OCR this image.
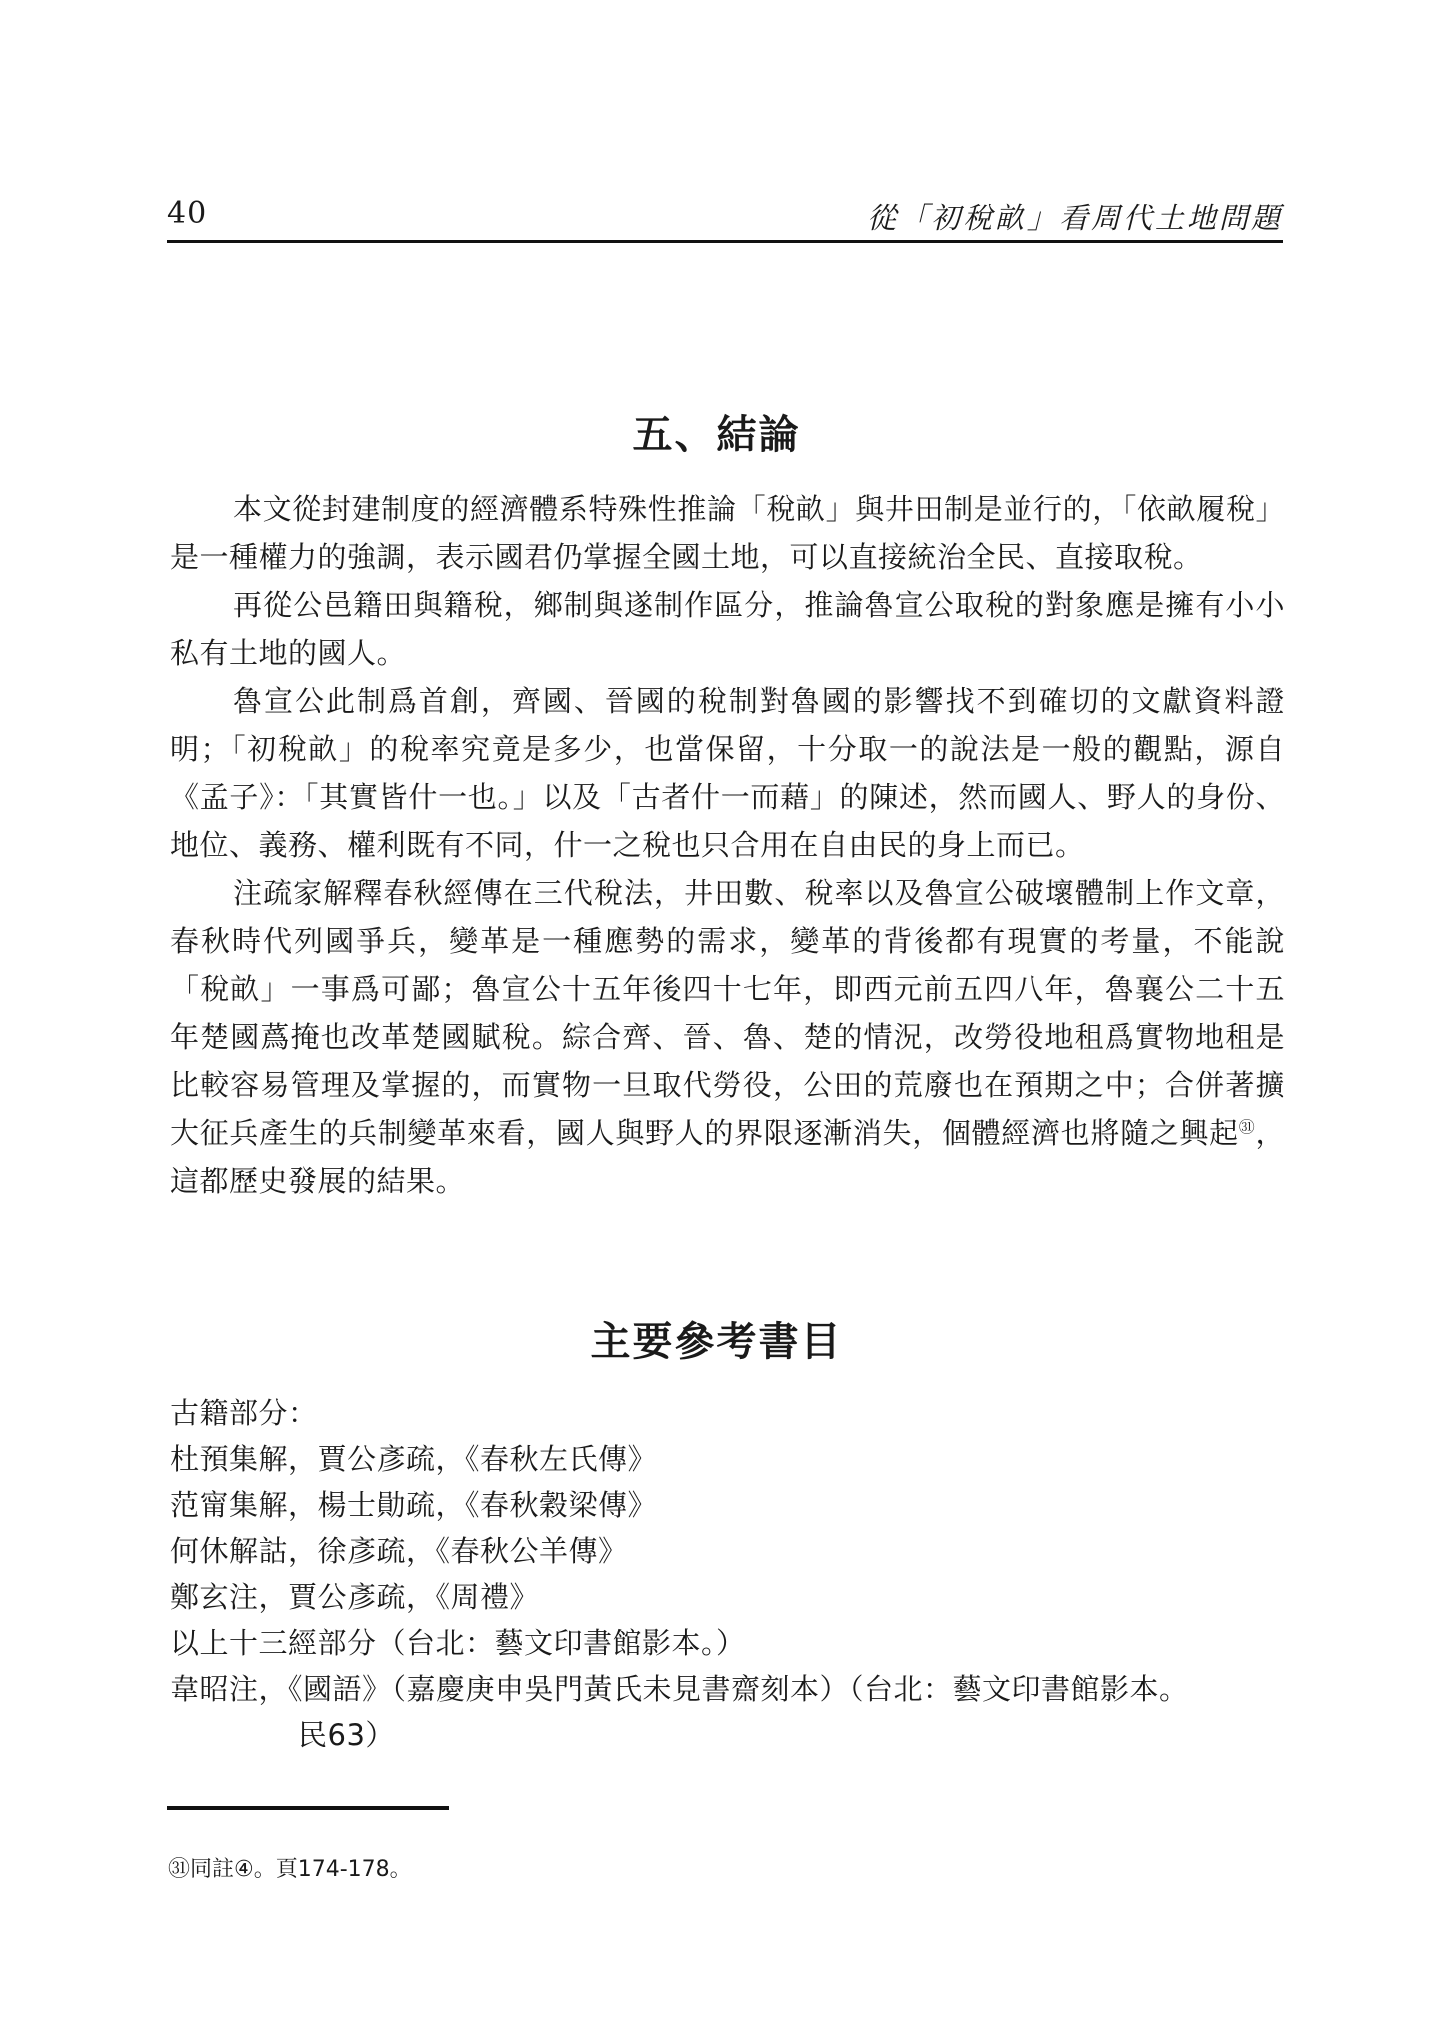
40	從「初稅畝」看周代土地問題
五、結論

本文從封建制度的經濟體系特殊性推論「稅畝」與井田制是並行的，「依畝履稅」是一種權力的強調，表示國君仍掌握全國土地，可以直接統治全民、直接取稅。

再從公邑籍田與籍稅，鄉制與遂制作區分，推論魯宣公取稅的對象應是擁有小小私有土地的國人。

魯宣公此制爲首創，齊國、晉國的稅制對魯國的影響找不到確切的文獻資料證明；「初稅畝」的稅率究竟是多少，也當保留，十分取一的說法是一般的觀點，源自《孟子》：「其實皆什一也。」以及「古者什一而藉」的陳述，然而國人、野人的身份、地位、義務、權利既有不同，什一之稅也只合用在自由民的身上而已。

注疏家解釋春秋經傳在三代稅法，井田數、稅率以及魯宣公破壞體制上作文章，春秋時代列國爭兵，變革是一種應勢的需求，變革的背後都有現實的考量，不能說「稅畝」一事爲可鄙；魯宣公十五年後四十七年，即西元前五四八年，魯襄公二十五年楚國蔿掩也改革楚國賦稅。綜合齊、晉、魯、楚的情況，改勞役地租爲實物地租是比較容易管理及掌握的，而實物一旦取代勞役，公田的荒廢也在預期之中；合併著擴大征兵產生的兵制變革來看，國人與野人的界限逐漸消失，個體經濟也將隨之興起$^㉛$，這都歷史發展的結果。

主要參考書目
古籍部分：
杜預集解，賈公彥疏，《春秋左氏傳》
范甯集解，楊士勛疏，《春秋穀梁傳》
何休解詁，徐彥疏，《春秋公羊傳》
鄭玄注，賈公彥疏，《周禮》
以上十三經部分（台北：藝文印書館影本。）
韋昭注，《國語》（嘉慶庚申吳門黃氏未見書齋刻本）（台北：藝文印書館影本。
民63）
㉛同註④。頁174-178。
